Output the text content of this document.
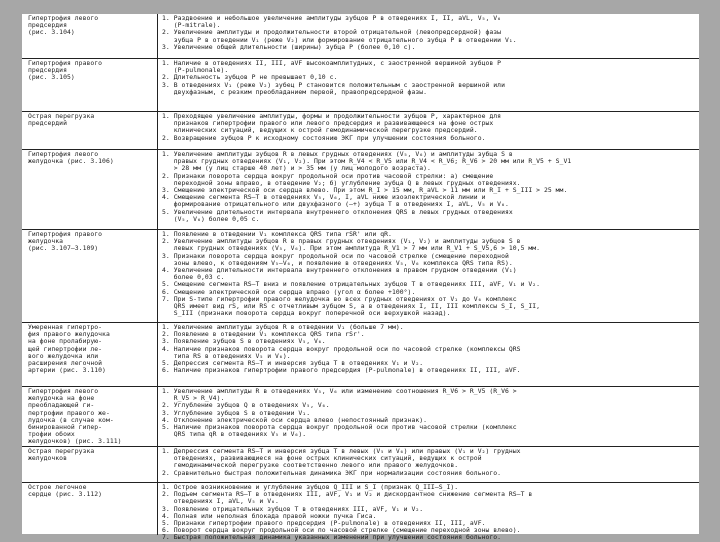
Гипертрофия левого
предсердия
(рис. 3.104)
1. Раздвоение и небольшое увеличение амплитуды зубцов Р в отведениях I, II, aVL, V₅, V₆
(P-mitrale).
2. Увеличение амплитуды и продолжительности второй отрицательной (левопредсердной) фазы
зубца Р в отведении V₁ (реже V₂) или формирование отрицательного зубца Р в отведении V₁.
3. Увеличение общей длительности (ширины) зубца Р (более 0,10 с).
Гипертрофия правого
предсердия
(рис. 3.105)
1. Наличие в отведениях II, III, aVF высокоамплитудных, с заостренной вершиной зубцов Р
(P-pulmonale).
2. Длительность зубцов Р не превышает 0,10 с.
3. В отведениях V₁ (реже V₂) зубец Р становится положительным с заостренной вершиной или
двухфазным, с резким преобладанием первой, правопредсердной фазы.
Острая перегрузка
предсердий
1. Преходящее увеличение амплитуды, формы и продолжительности зубцов Р, характерное для
признаков гипертрофии правого или левого предсердия и развивающееся на фоне острых
клинических ситуаций, ведущих к острой гемодинамической перегрузке предсердий.
2. Возвращение зубцов Р к исходному состоянию ЭКГ при улучшении состояния больного.
Гипертрофия левого
желудочка (рис. 3.106)
1. Увеличение амплитуды зубцов R в левых грудных отведениях (V₅, V₆) и амплитуды зубца S в
правых грудных отведениях (V₁, V₂). При этом R_V4 < R_V5 или R_V4 < R_V6; R_V6 > 20 мм или R_V5 + S_V1
> 28 мм (у лиц старше 40 лет) и > 35 мм (у лиц молодого возраста).
2. Признаки поворота сердца вокруг продольной оси против часовой стрелки: а) смещение
переходной зоны вправо, в отведение V₂; б) углубление зубца Q в левых грудных отведениях.
3. Смещение электрической оси сердца влево. При этом R_I > 15 мм, R_aVL > 11 мм или R_I + S_III > 25 мм.
4. Смещение сегмента RS–T в отведениях V₅, V₆, I, aVL ниже изоэлектрической линии и
формирование отрицательного или двухфазного (–+) зубца Т в отведениях I, aVL, V₅ и V₆.
5. Увеличение длительности интервала внутреннего отклонения QRS в левых грудных отведениях
(V₅, V₆) более 0,05 с.
Гипертрофия правого
желудочка
(рис. 3.107–3.109)
1. Появление в отведении V₁ комплекса QRS типа rSR' или qR.
2. Увеличение амплитуды зубцов R в правых грудных отведениях (V₁, V₂) и амплитуды зубцов S в
левых грудных отведениях (V₅, V₆). При этом амплитуда R_V1 > 7 мм или R_V1 + S_V5,6 > 10,5 мм.
3. Признаки поворота сердца вокруг продольной оси по часовой стрелке (смещение переходной
зоны влево, к отведениям V₅–V₆, и появление в отведениях V₅, V₆ комплекса QRS типа RS).
4. Увеличение длительности интервала внутреннего отклонения в правом грудном отведении (V₁)
более 0,03 с.
5. Смещение сегмента RS–T вниз и появление отрицательных зубцов Т в отведениях III, aVF, V₁ и V₂.
6. Смещение электрической оси сердца вправо (угол α более +100°).
7. При S-типе гипертрофии правого желудочка во всех грудных отведениях от V₁ до V₆ комплекс
QRS имеет вид rS, или RS с отчетливым зубцом S, а в отведениях I, II, III комплексы S_I, S_II,
S_III (признаки поворота сердца вокруг поперечной оси верхушкой назад).
Умеренная гипертро-
фия правого желудочка
на фоне пролабирую-
щей гипертрофии ле-
вого желудочка или
расширения легочной
артерии (рис. 3.110)
1. Увеличение амплитуды зубцов R в отведении V₁ (больше 7 мм).
2. Появление в отведении V₁ комплекса QRS типа rSr'.
3. Появление зубцов S в отведениях V₅, V₆.
4. Наличие признаков поворота сердца вокруг продольной оси по часовой стрелке (комплексы QRS
типа RS в отведениях V₅ и V₆).
5. Депрессия сегмента RS–T и инверсия зубца T в отведениях V₁ и V₂.
6. Наличие признаков гипертрофии правого предсердия (P-pulmonale) в отведениях II, III, aVF.
Гипертрофия левого
желудочка на фоне
преобладающей ги-
пертрофии правого же-
лудочка (в случае ком-
бинированной гипер-
трофии обоих
желудочков) (рис. 3.111)
1. Увеличение амплитуды R в отведениях V₅, V₆ или изменение соотношения R_V6 > R_V5 (R_V6 >
R_V5 > R_V4).
2. Углубление зубцов Q в отведениях V₅, V₆.
3. Углубление зубцов S в отведении V₁.
4. Отклонение электрической оси сердца влево (непостоянный признак).
5. Наличие признаков поворота сердца вокруг продольной оси против часовой стрелки (комплекс
QRS типа qR в отведениях V₅ и V₆).
Острая перегрузка
желудочков
1. Депрессия сегмента RS–T и инверсия зубца T в левых (V₅ и V₆) или правых (V₁ и V₂) грудных
отведениях, развивающиеся на фоне острых клинических ситуаций, ведущих к острой
гемодинамической перегрузке соответственно левого или правого желудочков.
2. Сравнительно быстрая положительная динамика ЭКГ при нормализации состояния больного.
Острое легочное
сердце (рис. 3.112)
1. Острое возникновение и углубление зубцов Q_III и S_I (признак Q_III–S_I).
2. Подъем сегмента RS–T в отведениях III, aVF, V₁ и V₂ и дискордантное снижение сегмента RS–T в
отведениях I, aVL, V₅ и V₆.
3. Появление отрицательных зубцов T в отведениях III, aVF, V₁ и V₂.
4. Полная или неполная блокада правой ножки пучка Гиса.
5. Признаки гипертрофии правого предсердия (P-pulmonale) в отведениях II, III, aVF.
6. Поворот сердца вокруг продольной оси по часовой стрелке (смещение переходной зоны влево).
7. Быстрая положительная динамика указанных изменений при улучшении состояния больного.
